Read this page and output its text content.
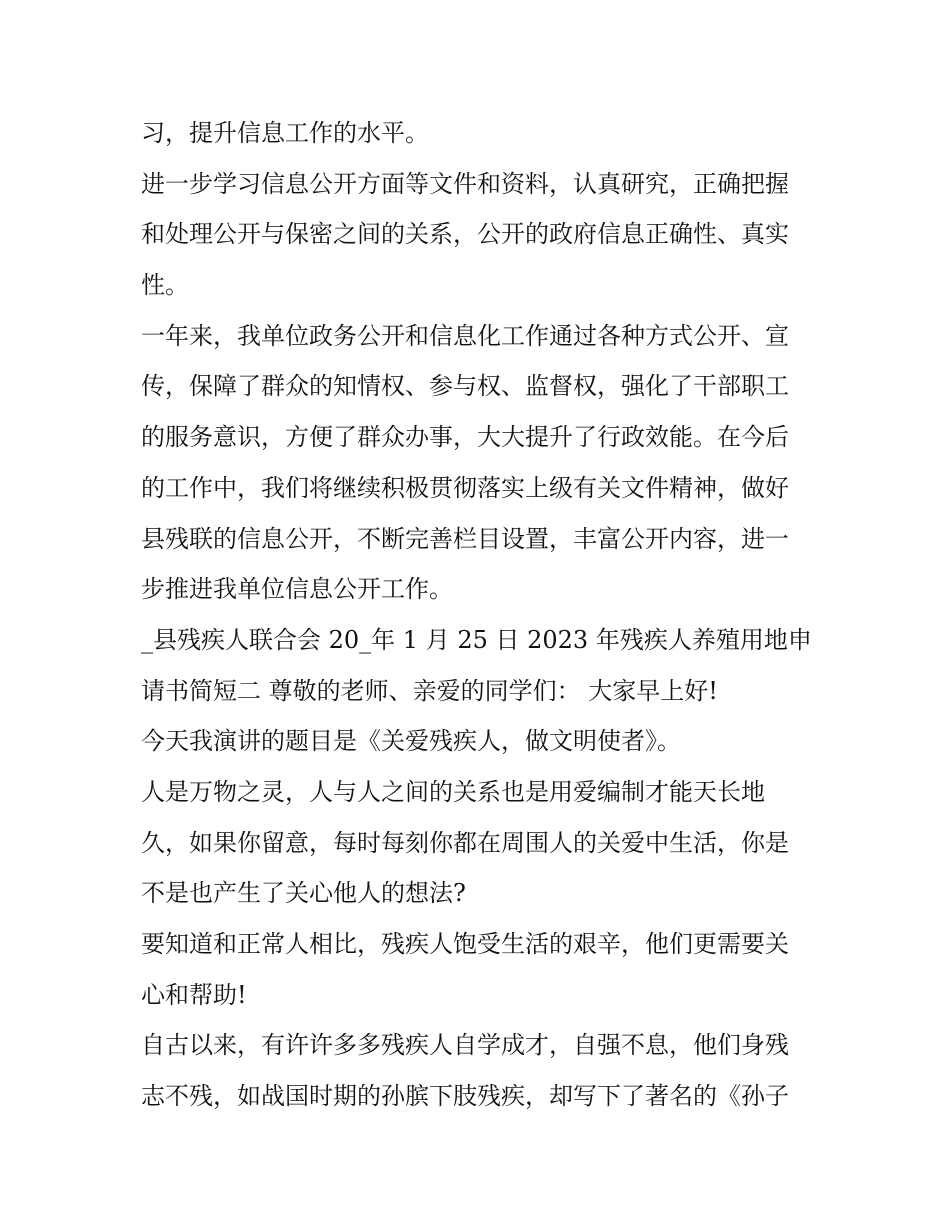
习，提升信息工作的水平。

进一步学习信息公开方面等文件和资料，认真研究，正确把握

和处理公开与保密之间的关系，公开的政府信息正确性、真实

性。

一年来，我单位政务公开和信息化工作通过各种方式公开、宣

传，保障了群众的知情权、参与权、监督权，强化了干部职工

的服务意识，方便了群众办事，大大提升了行政效能。在今后

的工作中，我们将继续积极贯彻落实上级有关文件精神，做好

县残联的信息公开，不断完善栏目设置，丰富公开内容，进一

步推进我单位信息公开工作。

_县残疾人联合会 20_年 1 月 25 日 2023 年残疾人养殖用地申

请书简短二 尊敬的老师、亲爱的同学们： 大家早上好!

今天我演讲的题目是《关爱残疾人，做文明使者》。

人是万物之灵，人与人之间的关系也是用爱编制才能天长地

久，如果你留意，每时每刻你都在周围人的关爱中生活，你是

不是也产生了关心他人的想法?

要知道和正常人相比，残疾人饱受生活的艰辛，他们更需要关

心和帮助!

自古以来，有许许多多残疾人自学成才，自强不息，他们身残

志不残，如战国时期的孙膑下肢残疾，却写下了著名的《孙子
